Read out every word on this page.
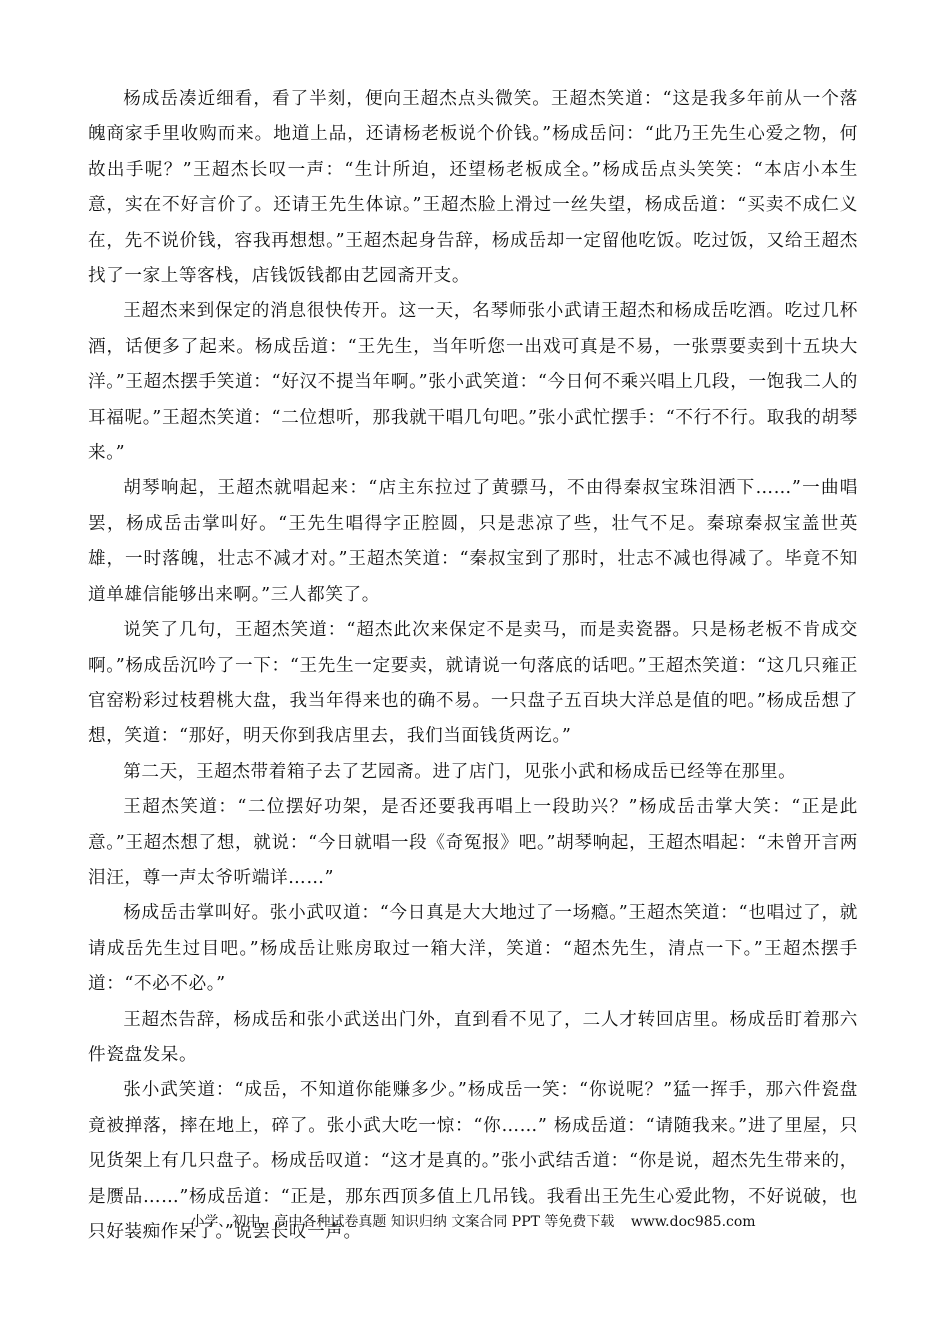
杨成岳凑近细看，看了半刻，便向王超杰点头微笑。王超杰笑道：“这是我多年前从一个落魄商家手里收购而来。地道上品，还请杨老板说个价钱。”杨成岳问：“此乃王先生心爱之物，何故出手呢？”王超杰长叹一声：“生计所迫，还望杨老板成全。”杨成岳点头笑笑：“本店小本生意，实在不好言价了。还请王先生体谅。”王超杰脸上滑过一丝失望，杨成岳道：“买卖不成仁义在，先不说价钱，容我再想想。”王超杰起身告辞，杨成岳却一定留他吃饭。吃过饭，又给王超杰找了一家上等客栈，店钱饭钱都由艺园斋开支。

王超杰来到保定的消息很快传开。这一天，名琴师张小武请王超杰和杨成岳吃酒。吃过几杯酒，话便多了起来。杨成岳道：“王先生，当年听您一出戏可真是不易，一张票要卖到十五块大洋。”王超杰摆手笑道：“好汉不提当年啊。”张小武笑道：“今日何不乘兴唱上几段，一饱我二人的耳福呢。”王超杰笑道：“二位想听，那我就干唱几句吧。”张小武忙摆手：“不行不行。取我的胡琴来。”

胡琴响起，王超杰就唱起来：“店主东拉过了黄骠马，不由得秦叔宝珠泪洒下……”一曲唱罢，杨成岳击掌叫好。“王先生唱得字正腔圆，只是悲凉了些，壮气不足。秦琼秦叔宝盖世英雄，一时落魄，壮志不减才对。”王超杰笑道：“秦叔宝到了那时，壮志不减也得减了。毕竟不知道单雄信能够出来啊。”三人都笑了。

说笑了几句，王超杰笑道：“超杰此次来保定不是卖马，而是卖瓷器。只是杨老板不肯成交啊。”杨成岳沉吟了一下：“王先生一定要卖，就请说一句落底的话吧。”王超杰笑道：“这几只雍正官窑粉彩过枝碧桃大盘，我当年得来也的确不易。一只盘子五百块大洋总是值的吧。”杨成岳想了想，笑道：“那好，明天你到我店里去，我们当面钱货两讫。”

第二天，王超杰带着箱子去了艺园斋。进了店门，见张小武和杨成岳已经等在那里。

王超杰笑道：“二位摆好功架，是否还要我再唱上一段助兴？”杨成岳击掌大笑：“正是此意。”王超杰想了想，就说：“今日就唱一段《奇冤报》吧。”胡琴响起，王超杰唱起：“未曾开言两泪汪，尊一声太爷听端详……”

杨成岳击掌叫好。张小武叹道：“今日真是大大地过了一场瘾。”王超杰笑道：“也唱过了，就请成岳先生过目吧。”杨成岳让账房取过一箱大洋，笑道：“超杰先生，清点一下。”王超杰摆手道：“不必不必。”

王超杰告辞，杨成岳和张小武送出门外，直到看不见了，二人才转回店里。杨成岳盯着那六件瓷盘发呆。

张小武笑道：“成岳，不知道你能赚多少。”杨成岳一笑：“你说呢？”猛一挥手，那六件瓷盘竟被掸落，摔在地上，碎了。张小武大吃一惊：“你……” 杨成岳道：“请随我来。”进了里屋，只见货架上有几只盘子。杨成岳叹道：“这才是真的。”张小武结舌道：“你是说，超杰先生带来的，是赝品……”杨成岳道：“正是，那东西顶多值上几吊钱。我看出王先生心爱此物，不好说破，也只好装痴作呆了。”说罢长叹一声。

小学、初中、高中各种试卷真题 知识归纳 文案合同 PPT 等免费下载 www.doc985.com
